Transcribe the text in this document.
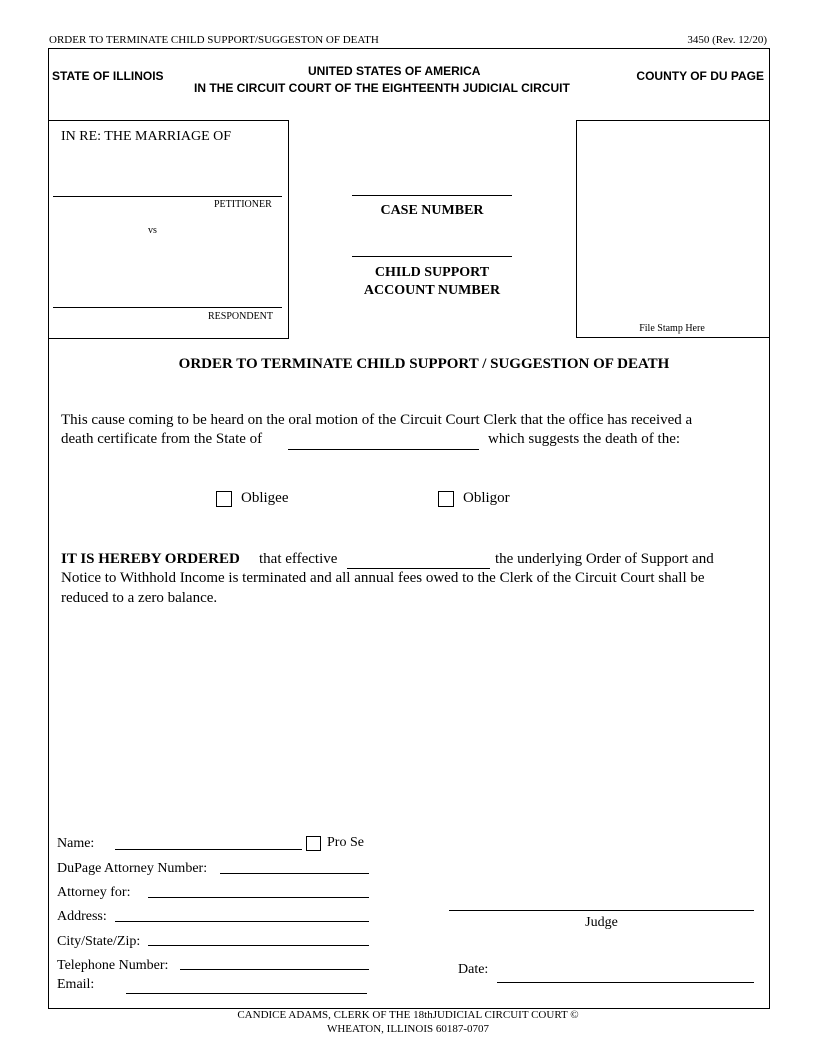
ORDER TO TERMINATE CHILD SUPPORT/SUGGESTON OF DEATH	3450 (Rev. 12/20)
STATE OF ILLINOIS	UNITED STATES OF AMERICA
IN THE CIRCUIT COURT OF THE EIGHTEENTH JUDICIAL CIRCUIT
COUNTY OF DU PAGE
IN RE: THE MARRIAGE OF
PETITIONER
vs
RESPONDENT
CASE NUMBER
CHILD SUPPORT
ACCOUNT NUMBER
File Stamp Here
ORDER TO TERMINATE CHILD SUPPORT / SUGGESTION OF DEATH
This cause coming to be heard on the oral motion of the Circuit Court Clerk that the office has received a
death certificate from the State of	which suggests the death of the:
Obligee	Obligor
IT IS HEREBY ORDERED that effective	the underlying Order of Support and
Notice to Withhold Income is terminated and all annual fees owed to the Clerk of the Circuit Court shall be
reduced to a zero balance.
Name:	Pro Se
DuPage Attorney Number:
Attorney for:
Address:
City/State/Zip:
Telephone Number:
Email:
Judge
Date:
CANDICE ADAMS, CLERK OF THE 18thJUDICIAL CIRCUIT COURT ©
WHEATON, ILLINOIS 60187-0707
